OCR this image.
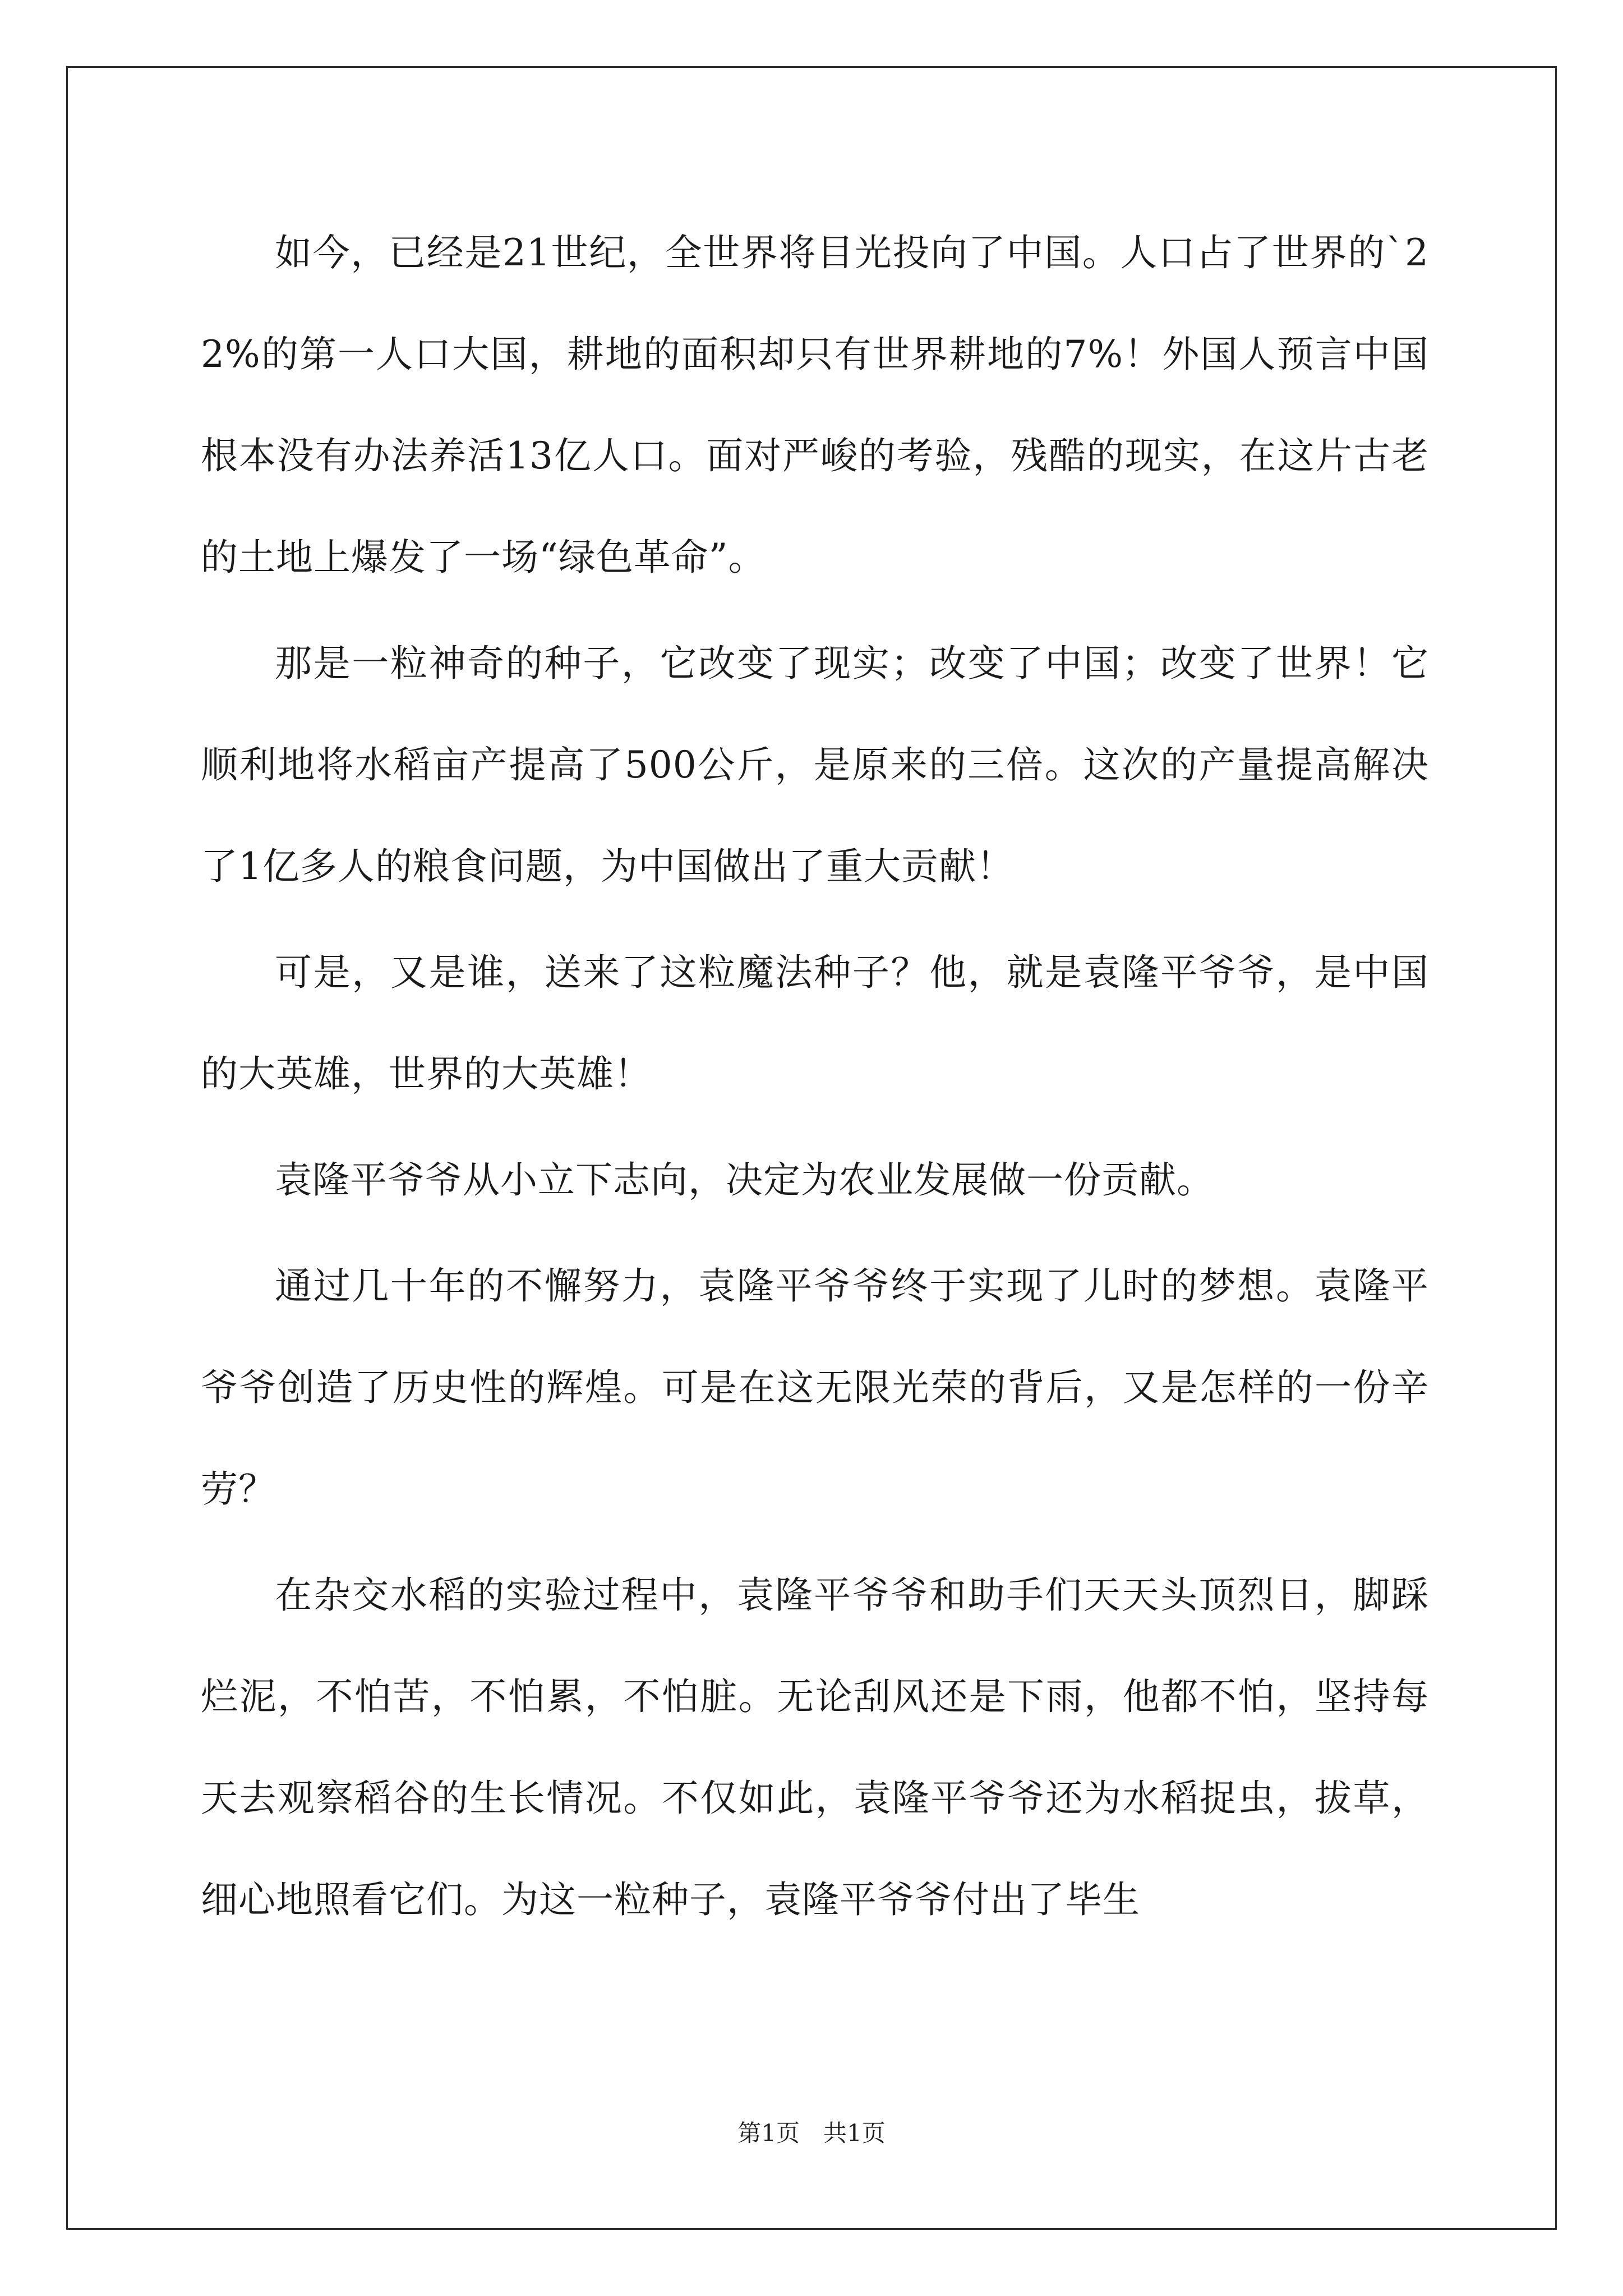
如今，已经是21世纪，全世界将目光投向了中国。人口占了世界的`22%的第一人口大国，耕地的面积却只有世界耕地的7%！外国人预言中国根本没有办法养活13亿人口。面对严峻的考验，残酷的现实，在这片古老的土地上爆发了一场“绿色革命”。

那是一粒神奇的种子，它改变了现实；改变了中国；改变了世界！它顺利地将水稻亩产提高了500公斤，是原来的三倍。这次的产量提高解决了1亿多人的粮食问题，为中国做出了重大贡献！

可是，又是谁，送来了这粒魔法种子？他，就是袁隆平爷爷，是中国的大英雄，世界的大英雄！

袁隆平爷爷从小立下志向，决定为农业发展做一份贡献。

通过几十年的不懈努力，袁隆平爷爷终于实现了儿时的梦想。袁隆平爷爷创造了历史性的辉煌。可是在这无限光荣的背后，又是怎样的一份辛劳？

在杂交水稻的实验过程中，袁隆平爷爷和助手们天天头顶烈日，脚踩烂泥，不怕苦，不怕累，不怕脏。无论刮风还是下雨，他都不怕，坚持每天去观察稻谷的生长情况。不仅如此，袁隆平爷爷还为水稻捉虫，拔草，细心地照看它们。为这一粒种子，袁隆平爷爷付出了毕生

第1页　共1页
